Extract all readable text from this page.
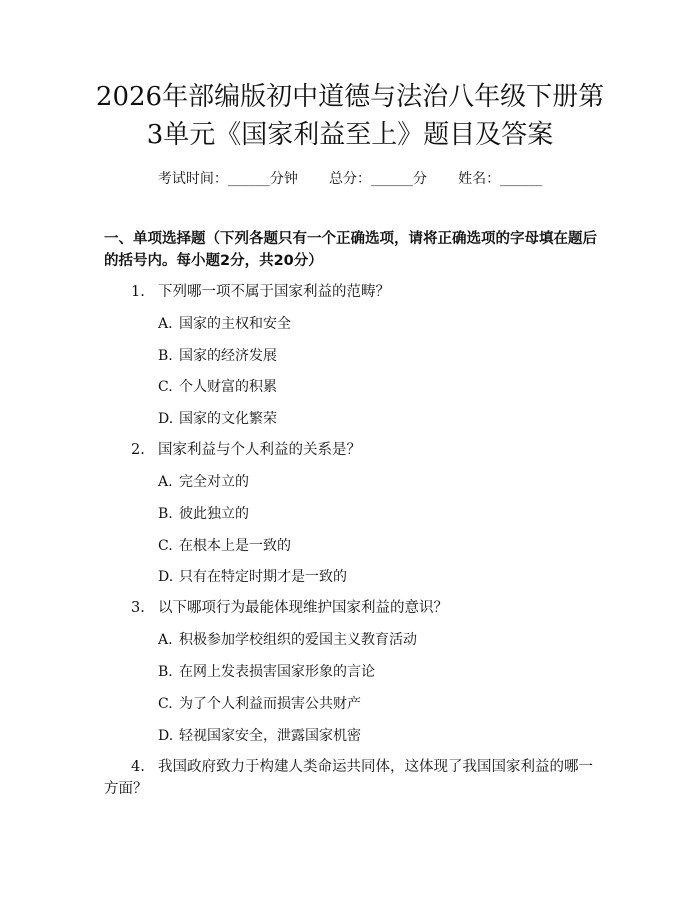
2026年部编版初中道德与法治八年级下册第
3单元《国家利益至上》题目及答案
考试时间：______分钟       总分：______分       姓名：______
一、单项选择题（下列各题只有一个正确选项，请将正确选项的字母填在题后的括号内。每小题2分，共20分）
1. 下列哪一项不属于国家利益的范畴？
A. 国家的主权和安全
B. 国家的经济发展
C. 个人财富的积累
D. 国家的文化繁荣
2. 国家利益与个人利益的关系是？
A. 完全对立的
B. 彼此独立的
C. 在根本上是一致的
D. 只有在特定时期才是一致的
3. 以下哪项行为最能体现维护国家利益的意识？
A. 积极参加学校组织的爱国主义教育活动
B. 在网上发表损害国家形象的言论
C. 为了个人利益而损害公共财产
D. 轻视国家安全，泄露国家机密
4. 我国政府致力于构建人类命运共同体，这体现了我国国家利益的哪一方面？
